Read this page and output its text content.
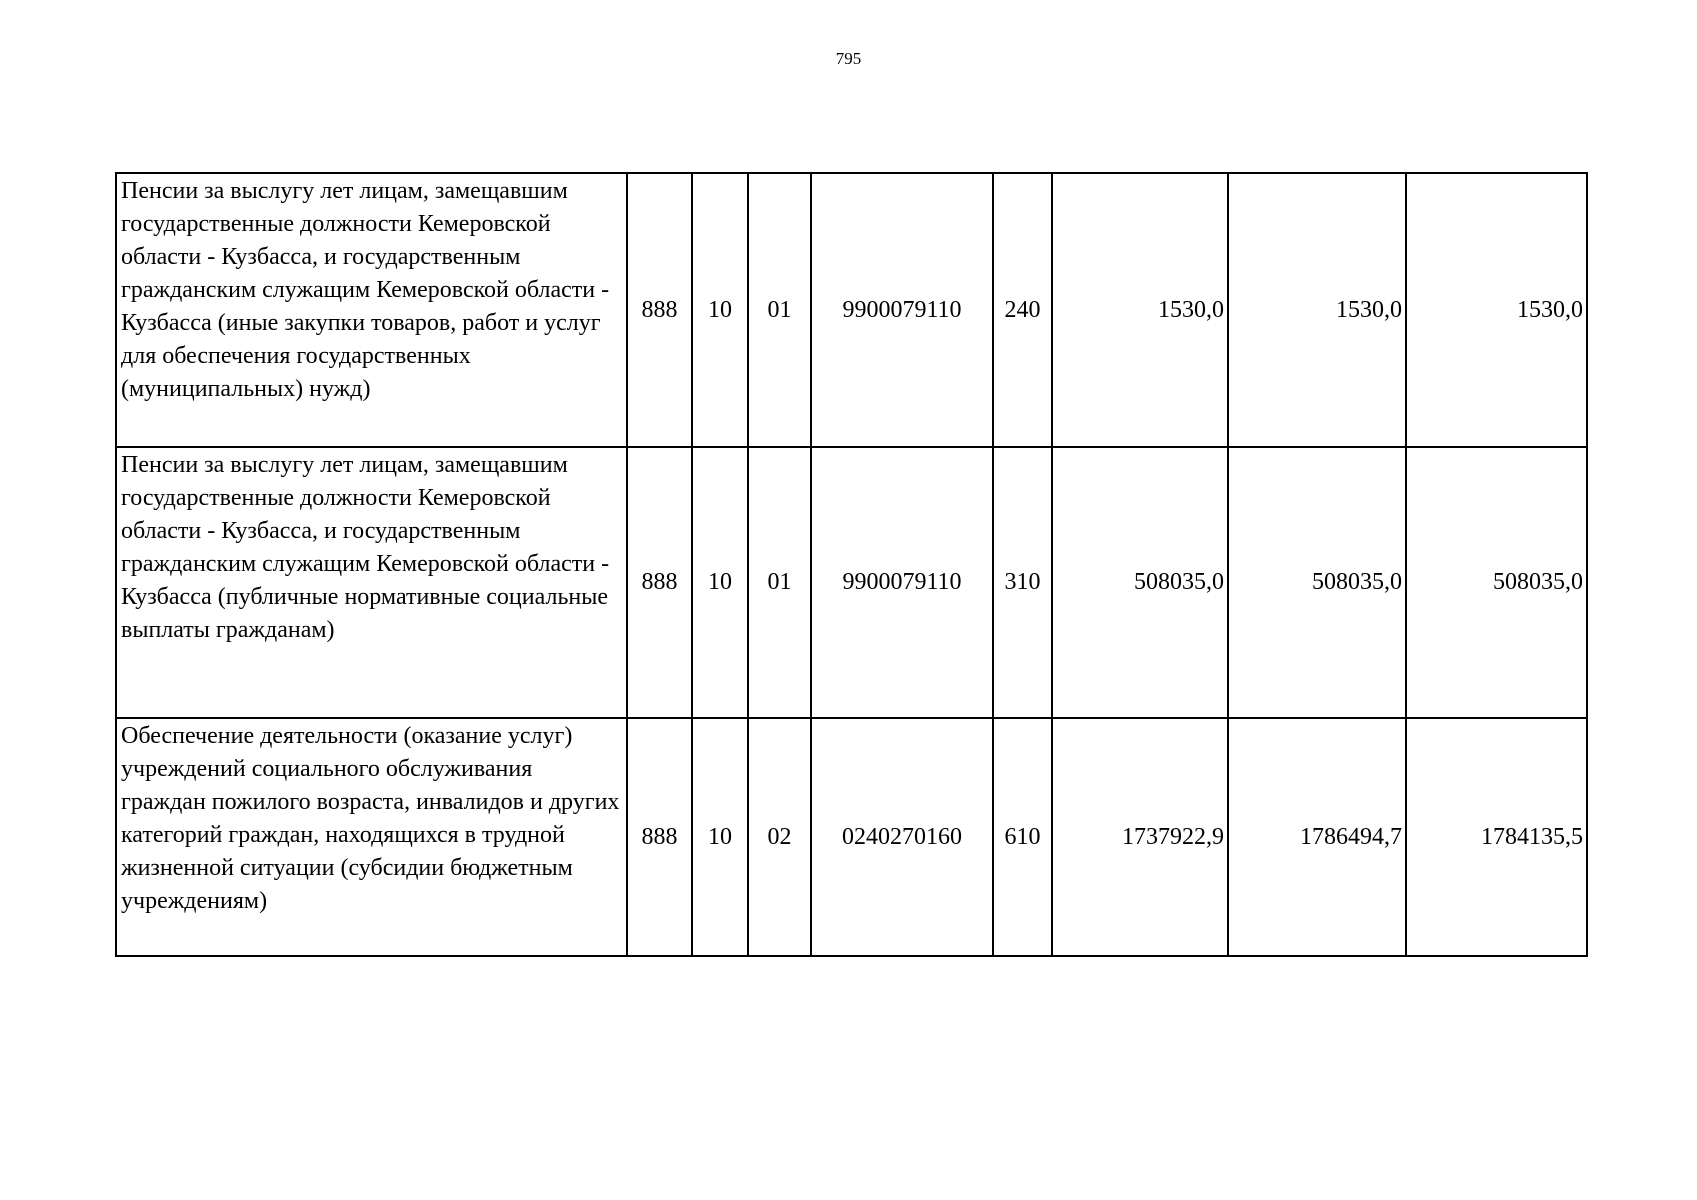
795
Пенсии за выслугу лет лицам, замещавшим государственные должности Кемеровской области - Кузбасса, и государственным гражданским служащим Кемеровской области - Кузбасса (иные закупки товаров, работ и услуг для обеспечения государственных (муниципальных) нужд)	888	10	01	9900079110	240	1530,0	1530,0	1530,0
Пенсии за выслугу лет лицам, замещавшим государственные должности Кемеровской области - Кузбасса, и государственным гражданским служащим Кемеровской области - Кузбасса (публичные нормативные социальные выплаты гражданам)	888	10	01	9900079110	310	508035,0	508035,0	508035,0
Обеспечение деятельности (оказание услуг) учреждений социального обслуживания граждан пожилого возраста, инвалидов и других категорий граждан, находящихся в трудной жизненной ситуации (субсидии бюджетным учреждениям)	888	10	02	0240270160	610	1737922,9	1786494,7	1784135,5
